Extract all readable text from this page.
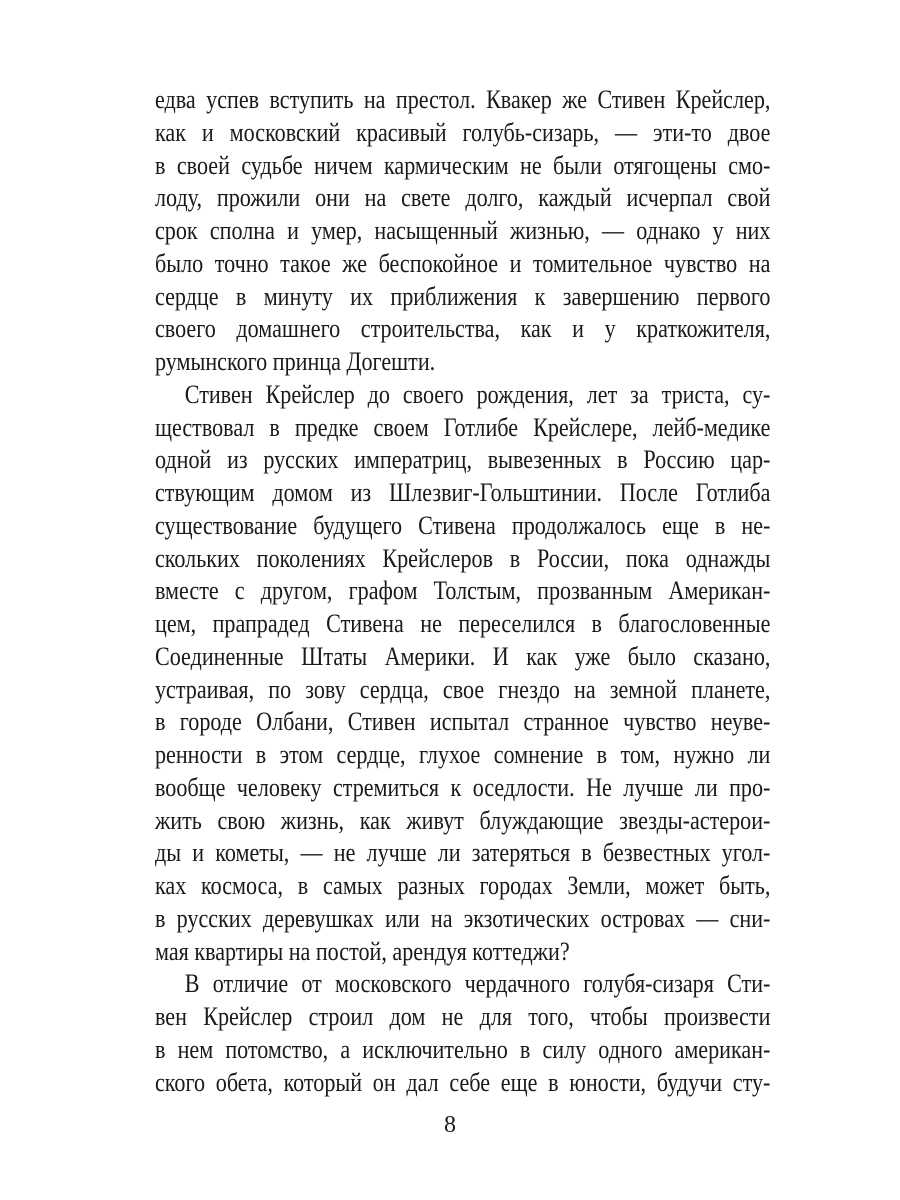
едва успев вступить на престол. Квакер же Стивен Крейслер,
как и московский красивый голубь-сизарь, — эти-то двое
в своей судьбе ничем кармическим не были отягощены смо-
лоду, прожили они на свете долго, каждый исчерпал свой
срок сполна и умер, насыщенный жизнью, — однако у них
было точно такое же беспокойное и томительное чувство на
сердце в минуту их приближения к завершению первого
своего домашнего строительства, как и у краткожителя,
румынского принца Догешти.
Стивен Крейслер до своего рождения, лет за триста, су-
ществовал в предке своем Готлибе Крейслере, лейб-медике
одной из русских императриц, вывезенных в Россию цар-
ствующим домом из Шлезвиг-Гольштинии. После Готлиба
существование будущего Стивена продолжалось еще в не-
скольких поколениях Крейслеров в России, пока однажды
вместе с другом, графом Толстым, прозванным Американ-
цем, прапрадед Стивена не переселился в благословенные
Соединенные Штаты Америки. И как уже было сказано,
устраивая, по зову сердца, свое гнездо на земной планете,
в городе Олбани, Стивен испытал странное чувство неуве-
ренности в этом сердце, глухое сомнение в том, нужно ли
вообще человеку стремиться к оседлости. Не лучше ли про-
жить свою жизнь, как живут блуждающие звезды-астерои-
ды и кометы, — не лучше ли затеряться в безвестных угол-
ках космоса, в самых разных городах Земли, может быть,
в русских деревушках или на экзотических островах — сни-
мая квартиры на постой, арендуя коттеджи?
В отличие от московского чердачного голубя-сизаря Сти-
вен Крейслер строил дом не для того, чтобы произвести
в нем потомство, а исключительно в силу одного американ-
ского обета, который он дал себе еще в юности, будучи сту-
8
